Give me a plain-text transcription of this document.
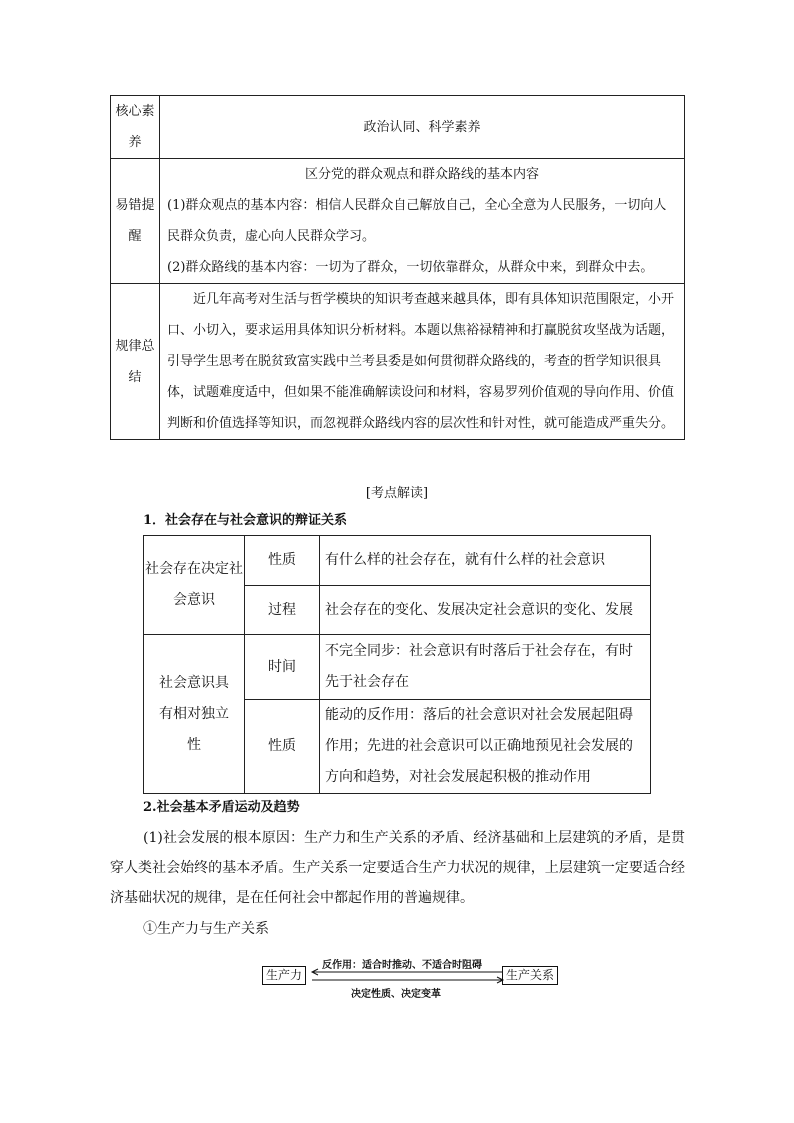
核心素养	政治认同、科学素养
易错提醒	区分党的群众观点和群众路线的基本内容
(1)群众观点的基本内容：相信人民群众自己解放自己，全心全意为人民服务，一切向人民群众负责，虚心向人民群众学习。
(2)群众路线的基本内容：一切为了群众，一切依靠群众，从群众中来，到群众中去。

规律总结	近几年高考对生活与哲学模块的知识考查越来越具体，即有具体知识范围限定，小开口、小切入，要求运用具体知识分析材料。本题以焦裕禄精神和打赢脱贫攻坚战为话题，引导学生思考在脱贫致富实践中兰考县委是如何贯彻群众路线的，考查的哲学知识很具体，试题难度适中，但如果不能准确解读设问和材料，容易罗列价值观的导向作用、价值判断和价值选择等知识，而忽视群众路线内容的层次性和针对性，就可能造成严重失分。
[考点解读]
1．社会存在与社会意识的辩证关系
社会存在决定社会意识	性质	有什么样的社会存在，就有什么样的社会意识
	过程	社会存在的变化、发展决定社会意识的变化、发展
社会意识具有相对独立性	时间	不完全同步：社会意识有时落后于社会存在，有时先于社会存在
	性质	能动的反作用：落后的社会意识对社会发展起阻碍作用；先进的社会意识可以正确地预见社会发展的方向和趋势，对社会发展起积极的推动作用
2.社会基本矛盾运动及趋势
(1)社会发展的根本原因：生产力和生产关系的矛盾、经济基础和上层建筑的矛盾，是贯穿人类社会始终的基本矛盾。生产关系一定要适合生产力状况的规律，上层建筑一定要适合经济基础状况的规律，是在任何社会中都起作用的普遍规律。
①生产力与生产关系
生产力	生产关系
反作用：适合时推动、不适合时阻碍
决定性质、决定变革
